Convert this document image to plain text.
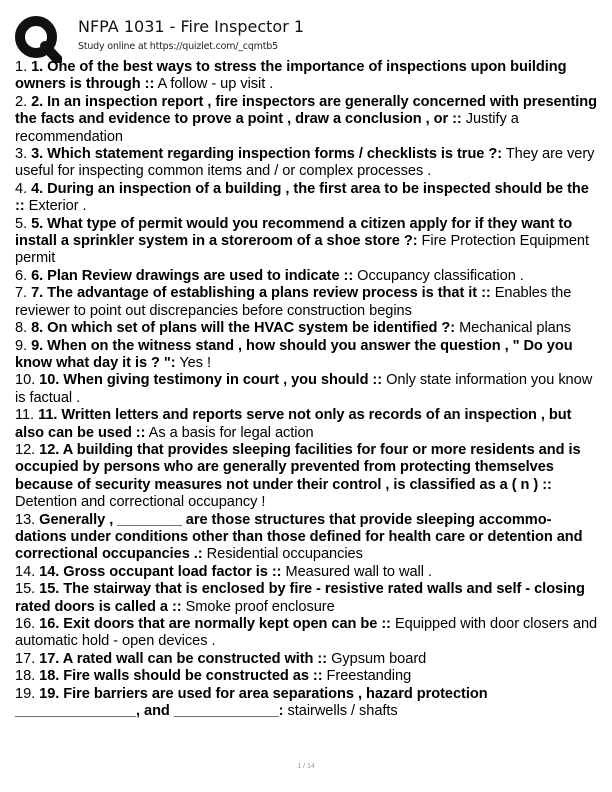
NFPA 1031 - Fire Inspector 1
Study online at https://quizlet.com/_cqmtb5

1. 1. One of the best ways to stress the importance of inspections upon building owners is through :: A follow - up visit .

2. 2. In an inspection report , fire inspectors are generally concerned with presenting the facts and evidence to prove a point , draw a conclusion , or :: Justify a recommendation

3. 3. Which statement regarding inspection forms / checklists is true ?: They are very useful for inspecting common items and / or complex processes .

4. 4. During an inspection of a building , the first area to be inspected should be the :: Exterior .

5. 5. What type of permit would you recommend a citizen apply for if they want to install a sprinkler system in a storeroom of a shoe store ?: Fire Protection Equipment permit

6. 6. Plan Review drawings are used to indicate :: Occupancy classification .

7. 7. The advantage of establishing a plans review process is that it :: Enables the reviewer to point out discrepancies before construction begins

8. 8. On which set of plans will the HVAC system be identified ?: Mechanical plans

9. 9. When on the witness stand , how should you answer the question , " Do you know what day it is ? ": Yes !

10. 10. When giving testimony in court , you should :: Only state information you know is factual .

11. 11. Written letters and reports serve not only as records of an inspection , but also can be used :: As a basis for legal action

12. 12. A building that provides sleeping facilities for four or more residents and is occupied by persons who are generally prevented from protecting themselves because of security measures not under their control , is classified as a ( n ) :: Detention and correctional occupancy !

13. Generally , ________ are those structures that provide sleeping accommo- dations under conditions other than those defined for health care or detention and correctional occupancies .: Residential occupancies

14. 14. Gross occupant load factor is :: Measured wall to wall .

15. 15. The stairway that is enclosed by fire - resistive rated walls and self - closing rated doors is called a :: Smoke proof enclosure

16. 16. Exit doors that are normally kept open can be :: Equipped with door closers and automatic hold - open devices .

17. 17. A rated wall can be constructed with :: Gypsum board

18. 18. Fire walls should be constructed as :: Freestanding

19. 19. Fire barriers are used for area separations , hazard protection _______________, and _____________: stairwells / shafts

1 / 14
